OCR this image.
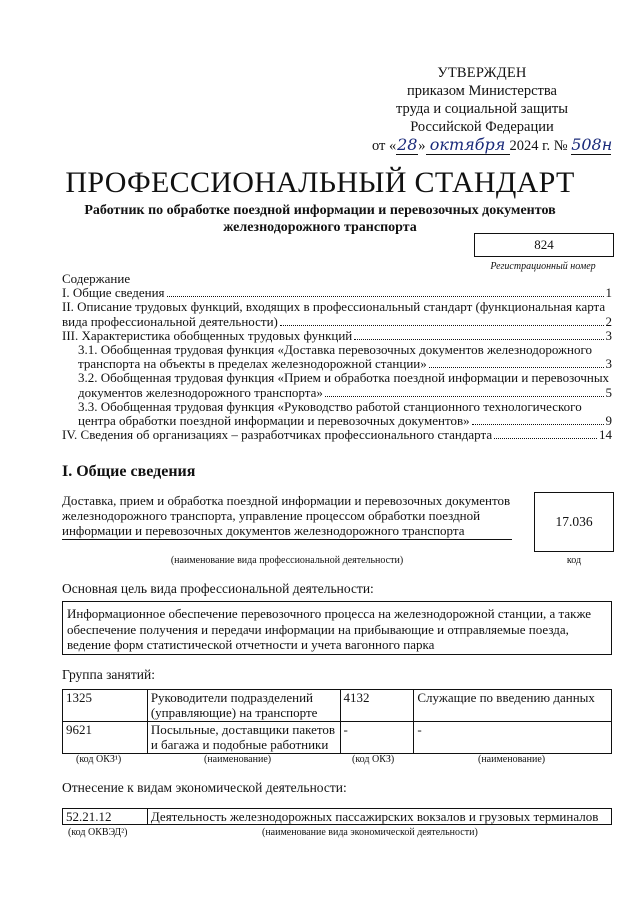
УТВЕРЖДЕН
приказом Министерства
труда и социальной защиты
Российской Федерации
от «28» октября 2024 г. № 508н
ПРОФЕССИОНАЛЬНЫЙ СТАНДАРТ
Работник по обработке поездной информации и перевозочных документов железнодорожного транспорта
824
Регистрационный номер
Содержание
I. Общие сведения	1
II. Описание трудовых функций, входящих в профессиональный стандарт (функциональная карта
вида профессиональной деятельности)	2
III. Характеристика обобщенных трудовых функций	3
3.1. Обобщенная трудовая функция «Доставка перевозочных документов железнодорожного
транспорта на объекты в пределах железнодорожной станции»	3
3.2. Обобщенная трудовая функция «Прием и обработка поездной информации и перевозочных
документов железнодорожного транспорта»	5
3.3. Обобщенная трудовая функция «Руководство работой станционного технологического
центра обработки поездной информации и перевозочных документов»	9
IV. Сведения об организациях – разработчиках профессионального стандарта	14
I. Общие сведения
Доставка, прием и обработка поездной информации и перевозочных документов железнодорожного транспорта, управление процессом обработки поездной информации и перевозочных документов железнодорожного транспорта
17.036
(наименование вида профессиональной деятельности)	код
Основная цель вида профессиональной деятельности:
Информационное обеспечение перевозочного процесса на железнодорожной станции, а также обеспечение получения и передачи информации на прибывающие и отправляемые поезда, ведение форм статистической отчетности и учета вагонного парка
Группа занятий:
1325	Руководители подразделений (управляющие) на транспорте	4132	Служащие по введению данных
9621	Посыльные, доставщики пакетов и багажа и подобные работники	-	-
(код ОКЗ¹)	(наименование)	(код ОКЗ)	(наименование)
Отнесение к видам экономической деятельности:
52.21.12	Деятельность железнодорожных пассажирских вокзалов и грузовых терминалов
(код ОКВЭД²)	(наименование вида экономической деятельности)
